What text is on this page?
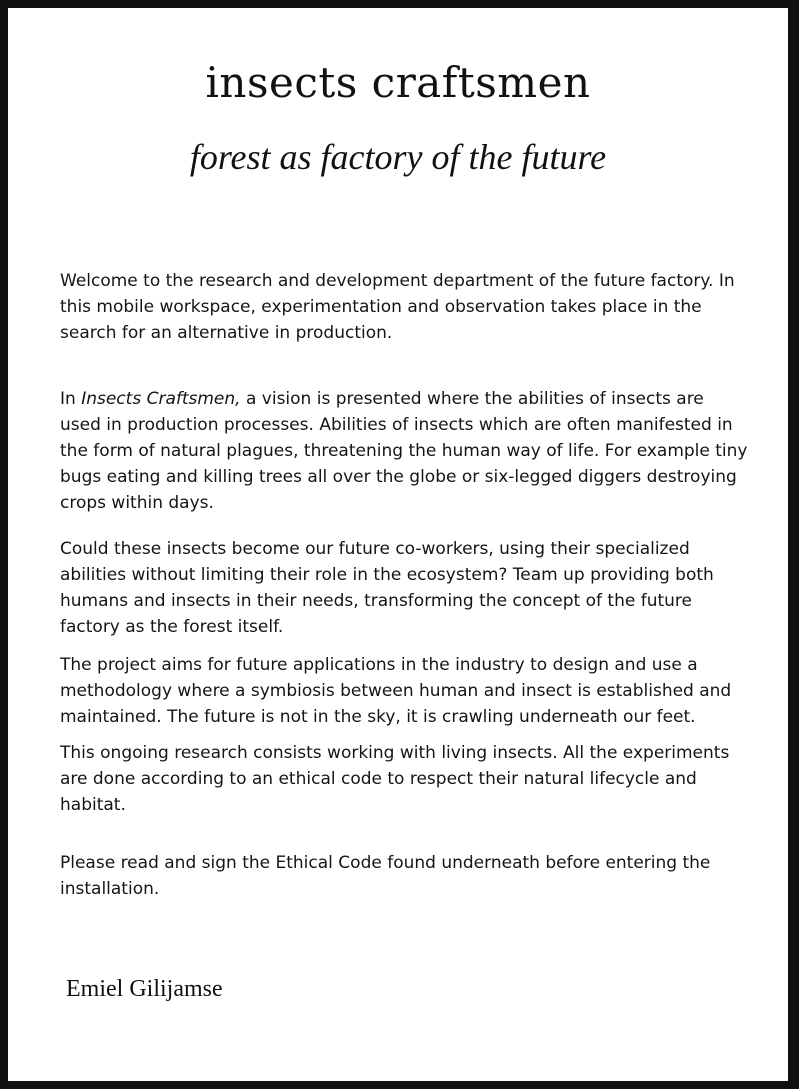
insects craftsmen

forest as factory of the future

Welcome to the research and development department of the future factory. In this mobile workspace, experimentation and observation takes place in the search for an alternative in production.

In Insects Craftsmen, a vision is presented where the abilities of insects are used in production processes. Abilities of insects which are often manifested in the form of natural plagues, threatening the human way of life. For example tiny bugs eating and killing trees all over the globe or six-legged diggers destroying crops within days.

Could these insects become our future co-workers, using their specialized abilities without limiting their role in the ecosystem? Team up providing both humans and insects in their needs, transforming the concept of the future factory as the forest itself.

The project aims for future applications in the industry to design and use a methodology where a symbiosis between human and insect is established and maintained. The future is not in the sky, it is crawling underneath our feet.

This ongoing research consists working with living insects. All the experiments are done according to an ethical code to respect their natural lifecycle and habitat.

Please read and sign the Ethical Code found underneath before entering the installation.

Emiel Gilijamse
